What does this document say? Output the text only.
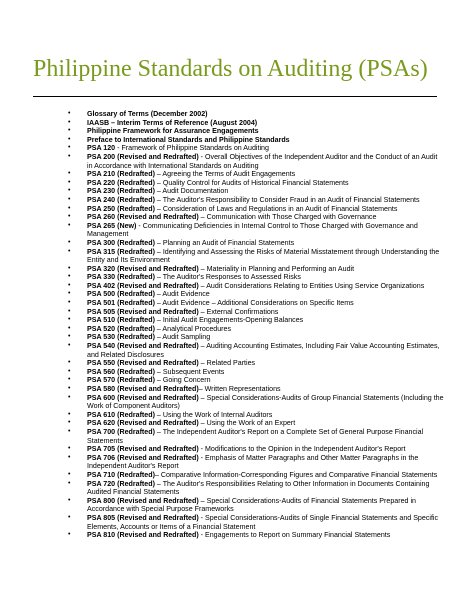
Philippine Standards on Auditing (PSAs)
• Glossary of Terms (December 2002)
• IAASB – Interim Terms of Reference (August 2004)
• Philippine Framework for Assurance Engagements
• Preface to International Standards and Philippine Standards
• PSA 120 - Framework of Philippine Standards on Auditing
• PSA 200 (Revised and Redrafted) - Overall Objectives of the Independent Auditor and the Conduct of an Audit in Accordance with International Standards on Auditing
• PSA 210 (Redrafted) – Agreeing the Terms of Audit Engagements
• PSA 220 (Redrafted) – Quality Control for Audits of Historical Financial Statements
• PSA 230 (Redrafted) – Audit Documentation
• PSA 240 (Redrafted) – The Auditor's Responsibility to Consider Fraud in an Audit of Financial Statements
• PSA 250 (Redrafted) – Consideration of Laws and Regulations in an Audit of Financial Statements
• PSA 260 (Revised and Redrafted) – Communication with Those Charged with Governance
• PSA 265 (New) - Communicating Deficiencies in Internal Control to Those Charged with Governance and Management
• PSA 300 (Redrafted) – Planning an Audit of Financial Statements
• PSA 315 (Redrafted) – Identifying and Assessing the Risks of Material Misstatement through Understanding the Entity and Its Environment
• PSA 320 (Revised and Redrafted) – Materiality in Planning and Performing an Audit
• PSA 330 (Redrafted) – The Auditor's Responses to Assessed Risks
• PSA 402 (Revised and Redrafted) – Audit Considerations Relating to Entities Using Service Organizations
• PSA 500 (Redrafted) – Audit Evidence
• PSA 501 (Redrafted) – Audit Evidence – Additional Considerations on Specific Items
• PSA 505 (Revised and Redrafted) – External Confirmations
• PSA 510 (Redrafted) – Initial Audit Engagements-Opening Balances
• PSA 520 (Redrafted) – Analytical Procedures
• PSA 530 (Redrafted) – Audit Sampling
• PSA 540 (Revised and Redrafted) – Auditing Accounting Estimates, Including Fair Value Accounting Estimates, and Related Disclosures
• PSA 550 (Revised and Redrafted) – Related Parties
• PSA 560 (Redrafted) – Subsequent Events
• PSA 570 (Redrafted) – Going Concern
• PSA 580 (Revised and Redrafted)– Written Representations
• PSA 600 (Revised and Redrafted) – Special Considerations-Audits of Group Financial Statements (Including the Work of Component Auditors)
• PSA 610 (Redrafted) – Using the Work of Internal Auditors
• PSA 620 (Revised and Redrafted) – Using the Work of an Expert
• PSA 700 (Redrafted) – The Independent Auditor's Report on a Complete Set of General Purpose Financial Statements
• PSA 705 (Revised and Redrafted) - Modifications to the Opinion in the Independent Auditor's Report
• PSA 706 (Revised and Redrafted) - Emphasis of Matter Paragraphs and Other Matter Paragraphs in the Independent Auditor's Report
• PSA 710 (Redrafted)– Comparative Information-Corresponding Figures and Comparative Financial Statements
• PSA 720 (Redrafted) – The Auditor's Responsibilities Relating to Other Information in Documents Containing Audited Financial Statements
• PSA 800 (Revised and Redrafted) – Special Considerations-Audits of Financial Statements Prepared in Accordance with Special Purpose Frameworks
• PSA 805 (Revised and Redrafted) - Special Considerations-Audits of Single Financial Statements and Specific Elements, Accounts or Items of a Financial Statement
• PSA 810 (Revised and Redrafted) - Engagements to Report on Summary Financial Statements
